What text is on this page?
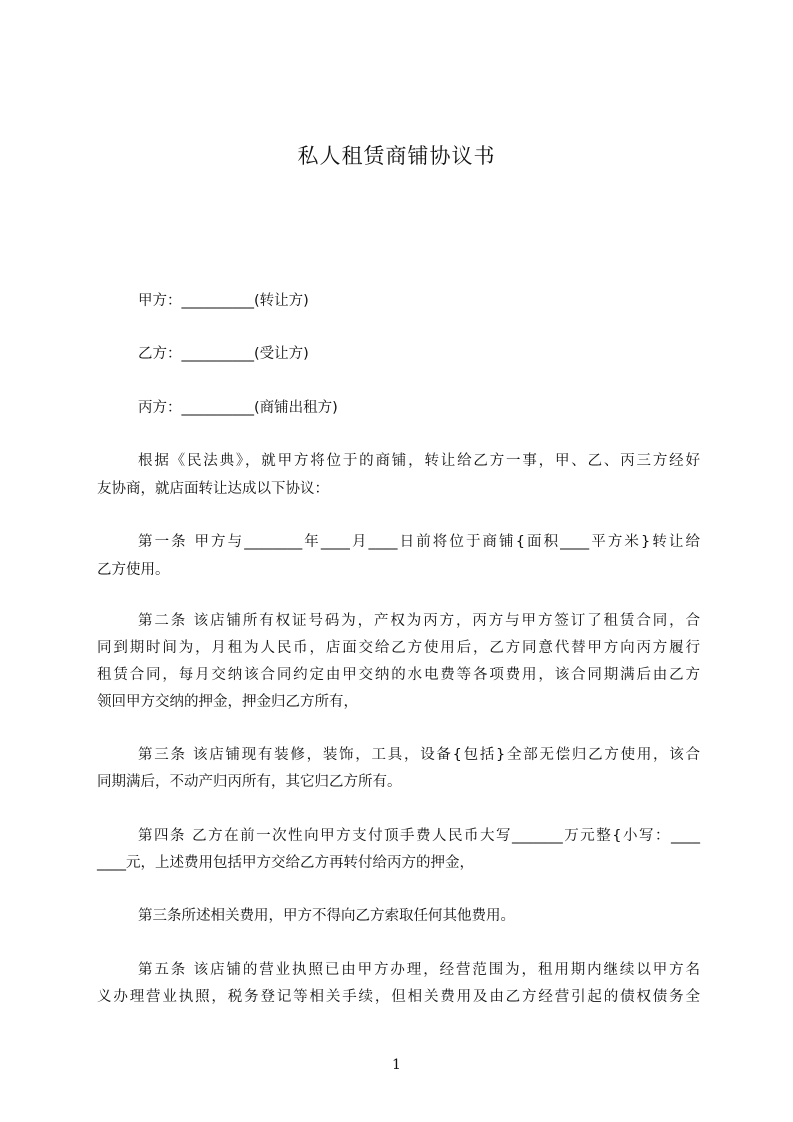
私人租赁商铺协议书
甲方：__________(转让方)
乙方：__________(受让方)
丙方：__________(商铺出租方)
根据《民法典》，就甲方将位于的商铺，转让给乙方一事，甲、乙、丙三方经好
友协商，就店面转让达成以下协议：
第一条 甲方与________年____月____日前将位于商铺{面积____平方米}转让给
乙方使用。
第二条 该店铺所有权证号码为，产权为丙方，丙方与甲方签订了租赁合同，合
同到期时间为，月租为人民币，店面交给乙方使用后，乙方同意代替甲方向丙方履行
租赁合同，每月交纳该合同约定由甲交纳的水电费等各项费用，该合同期满后由乙方
领回甲方交纳的押金，押金归乙方所有，
第三条 该店铺现有装修，装饰，工具，设备{包括}全部无偿归乙方使用，该合
同期满后，不动产归丙所有，其它归乙方所有。
第四条 乙方在前一次性向甲方支付顶手费人民币大写_______万元整{小写：____
____元，上述费用包括甲方交给乙方再转付给丙方的押金，
第三条所述相关费用，甲方不得向乙方索取任何其他费用。
第五条 该店铺的营业执照已由甲方办理，经营范围为，租用期内继续以甲方名
义办理营业执照，税务登记等相关手续，但相关费用及由乙方经营引起的债权债务全
1
